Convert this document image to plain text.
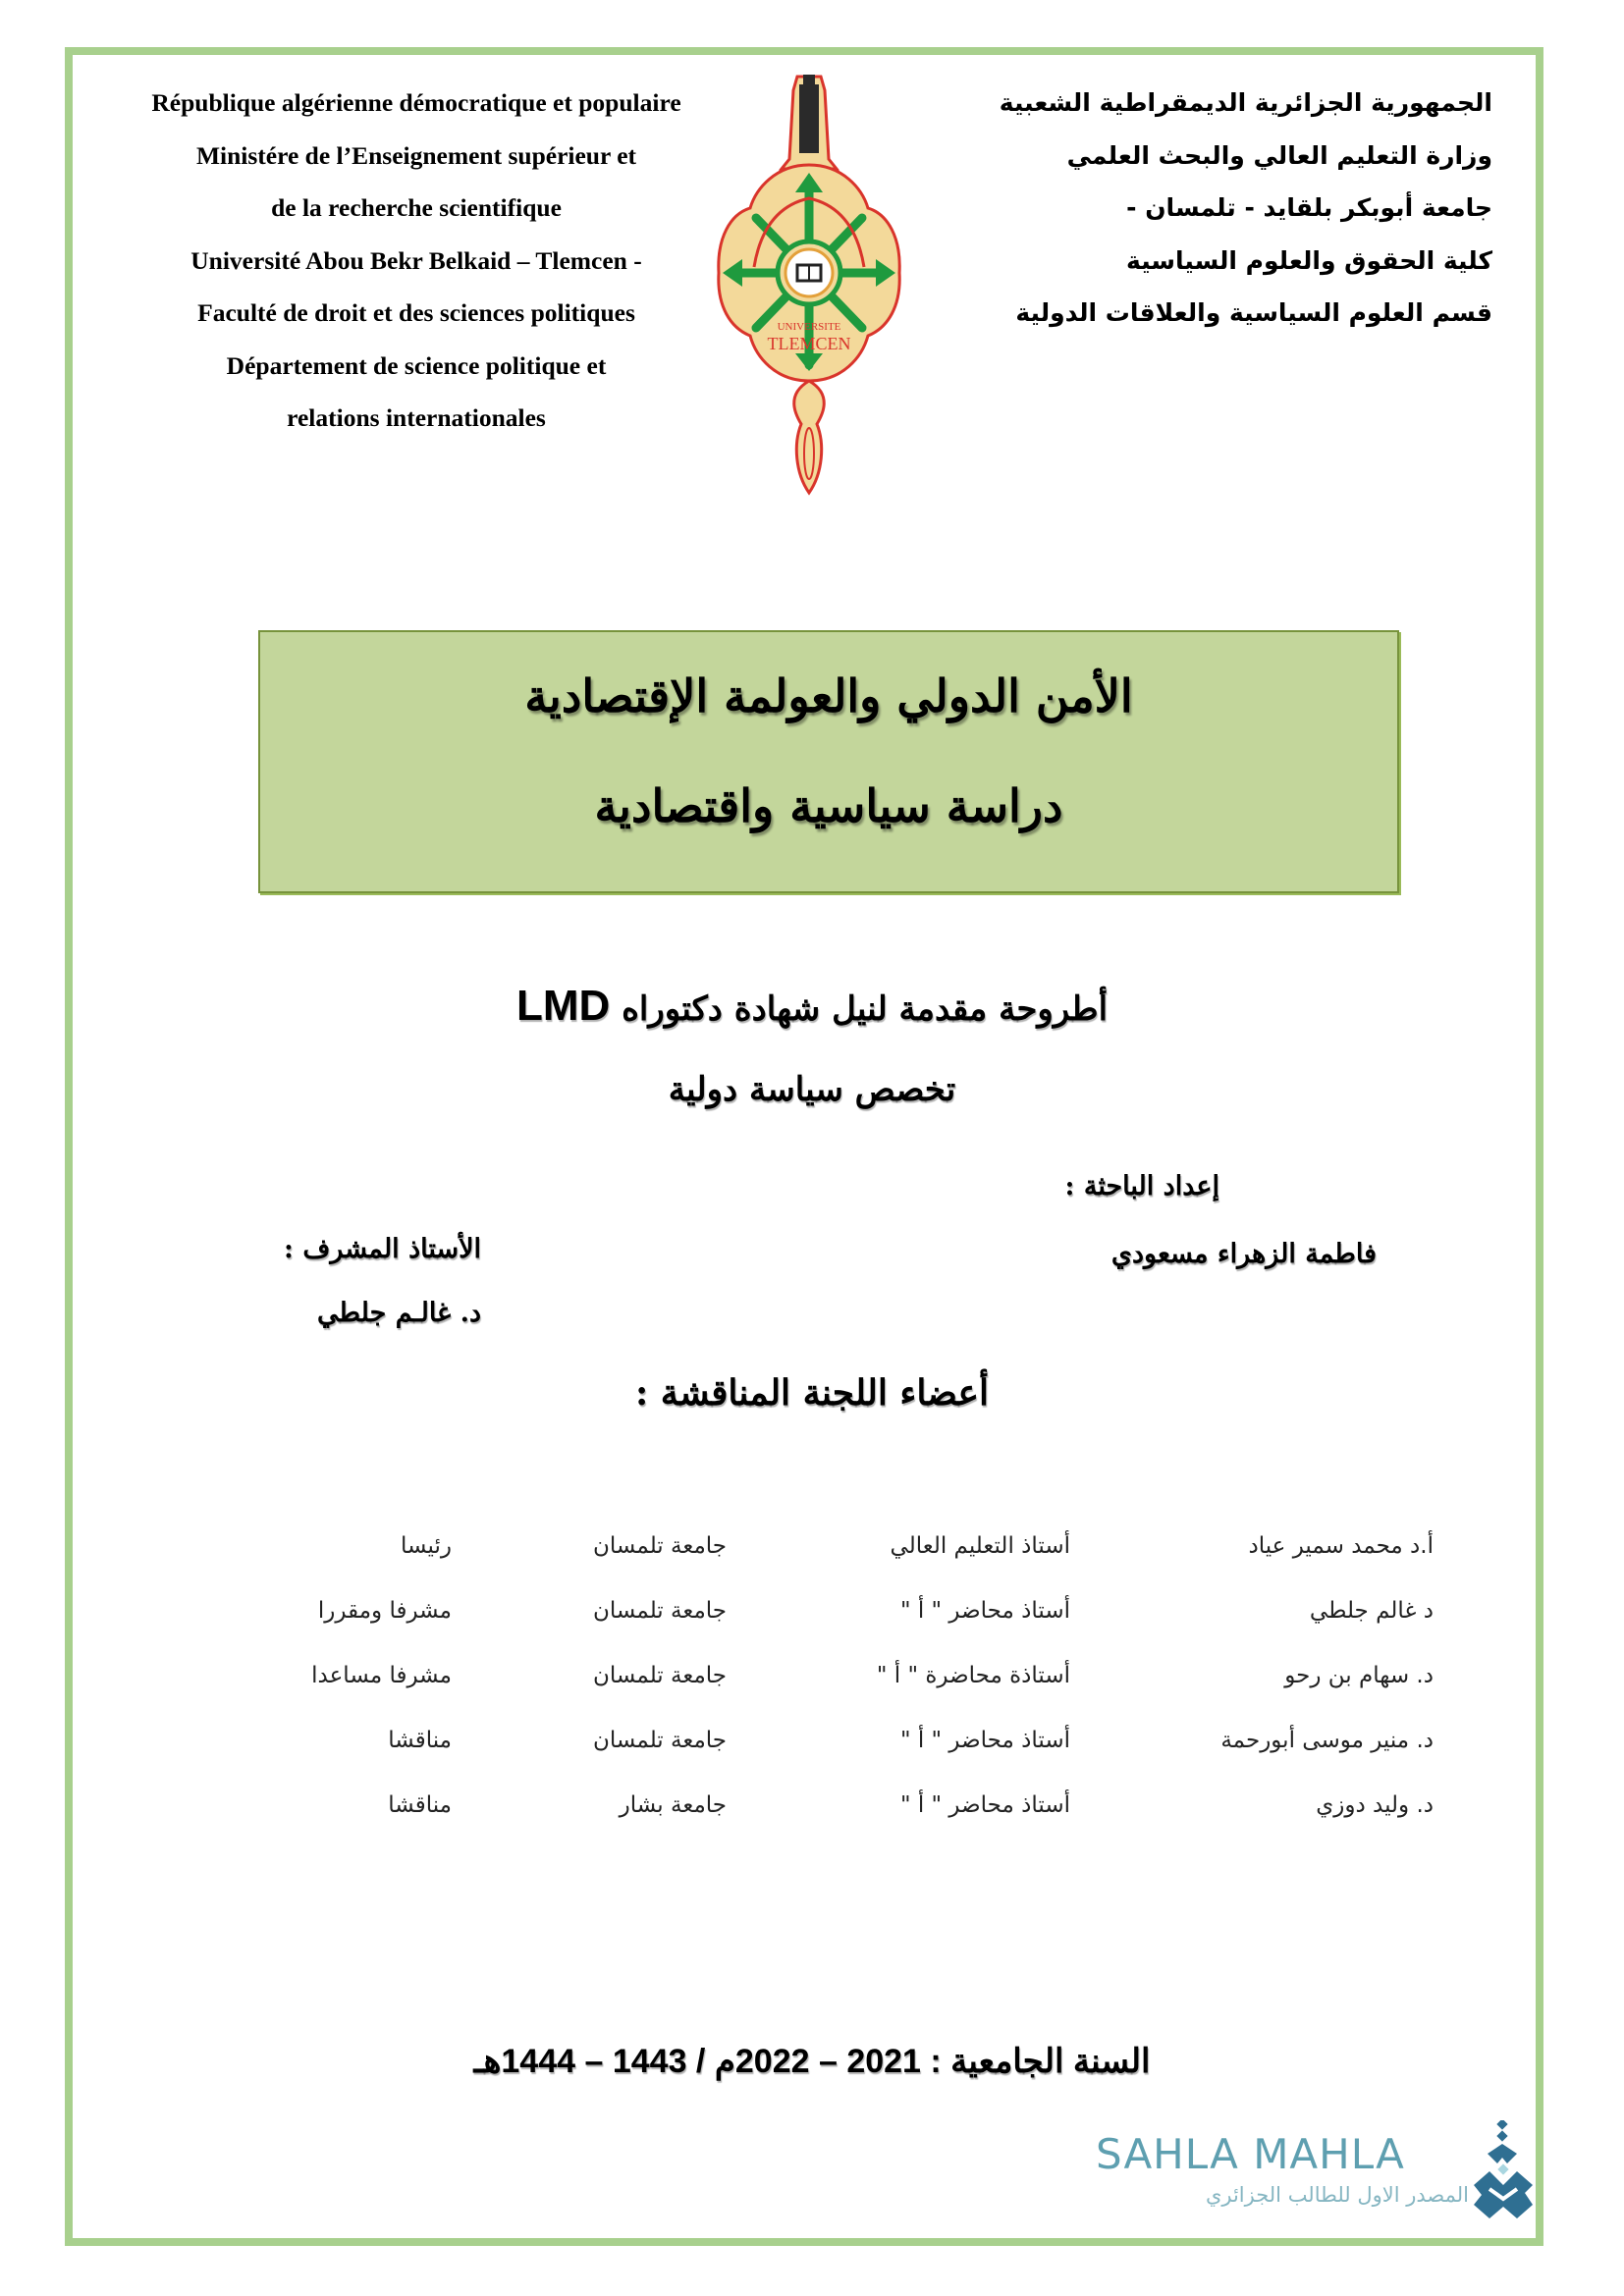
République algérienne démocratique et populaire
Ministére de l’Enseignement supérieur et
de la recherche scientifique
Université Abou Bekr Belkaid – Tlemcen -
Faculté de droit et des sciences politiques
Département de science politique et
relations internationales
الجمهورية الجزائرية الديمقراطية الشعبية
وزارة التعليم العالي والبحث العلمي
جامعة أبوبكر بلقايد - تلمسان -
كلية الحقوق والعلوم السياسية
قسم العلوم السياسية والعلاقات الدولية
UNIVERSITE
TLEMCEN
الأمن الدولي والعولمة الإقتصادية
دراسة سياسية واقتصادية
أطروحة مقدمة لنيل شهادة دكتوراه LMD
تخصص سياسة دولية
إعداد الباحثة :
فاطمة الزهراء مسعودي
الأستاذ المشرف :
د. غالـم جلطي
أعضاء اللجنة المناقشة :
أ.د محمد سمير عياد
أستاذ التعليم العالي
جامعة تلمسان
رئيسا
د غالم جلطي
أستاذ محاضر " أ "
جامعة تلمسان
مشرفا ومقررا
د. سهام بن رحو
أستاذة محاضرة " أ "
جامعة تلمسان
مشرفا مساعدا
د. منير موسى أبورحمة
أستاذ محاضر " أ "
جامعة تلمسان
مناقشا
د. وليد دوزي
أستاذ محاضر " أ "
جامعة بشار
مناقشا
السنة الجامعية : 2021 – 2022م / 1443 – 1444هـ
SAHLA MAHLA
المصدر الاول للطالب الجزائري
